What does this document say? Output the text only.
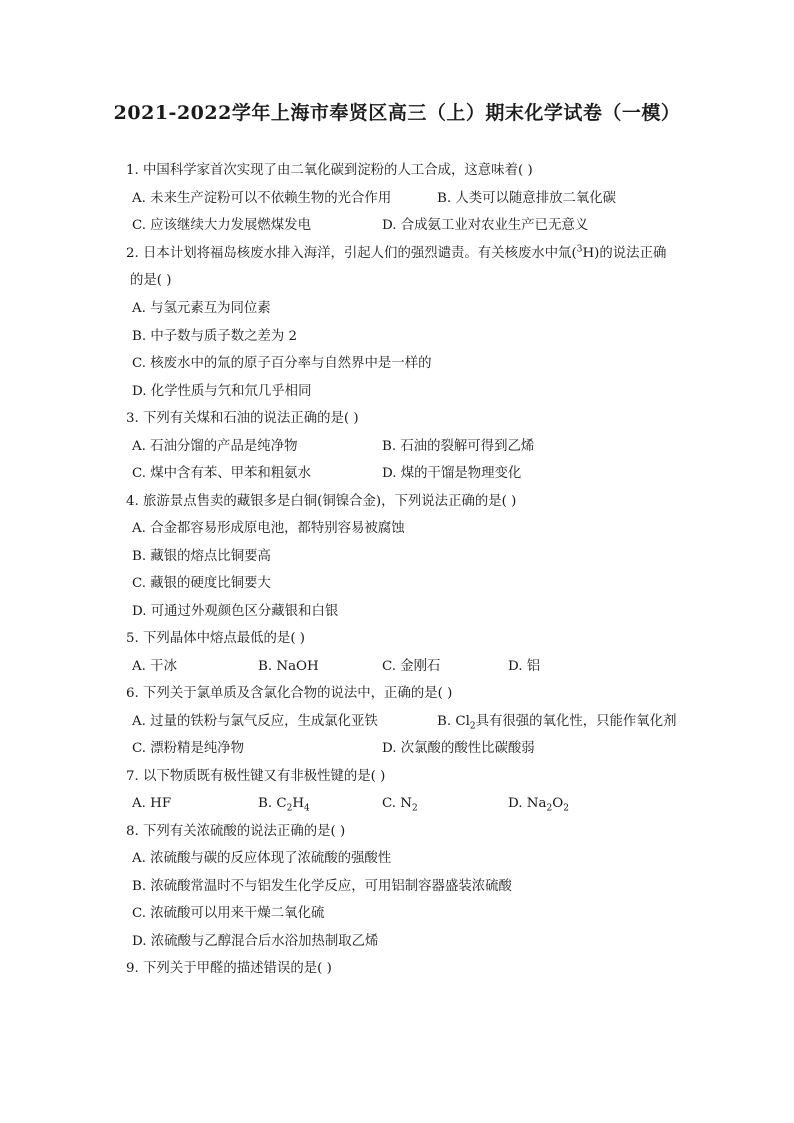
2021-2022学年上海市奉贤区高三（上）期末化学试卷（一模）
1. 中国科学家首次实现了由二氧化碳到淀粉的人工合成，这意味着( )
A. 未来生产淀粉可以不依赖生物的光合作用	B. 人类可以随意排放二氧化碳
C. 应该继续大力发展燃煤发电	D. 合成氨工业对农业生产已无意义
2. 日本计划将福岛核废水排入海洋，引起人们的强烈谴责。有关核废水中氚($^3$H)的说法正确
的是( )
A. 与氢元素互为同位素
B. 中子数与质子数之差为 2
C. 核废水中的氚的原子百分率与自然界中是一样的
D. 化学性质与氕和氘几乎相同
3. 下列有关煤和石油的说法正确的是( )
A. 石油分馏的产品是纯净物	B. 石油的裂解可得到乙烯
C. 煤中含有苯、甲苯和粗氨水	D. 煤的干馏是物理变化
4. 旅游景点售卖的藏银多是白铜(铜镍合金)，下列说法正确的是( )
A. 合金都容易形成原电池，都特别容易被腐蚀
B. 藏银的熔点比铜要高
C. 藏银的硬度比铜要大
D. 可通过外观颜色区分藏银和白银
5. 下列晶体中熔点最低的是( )
A. 干冰	B. NaOH	C. 金刚石	D. 铝
6. 下列关于氯单质及含氯化合物的说法中，正确的是( )
A. 过量的铁粉与氯气反应，生成氯化亚铁	B. $Cl_2$具有很强的氧化性，只能作氧化剂
C. 漂粉精是纯净物	D. 次氯酸的酸性比碳酸弱
7. 以下物质既有极性键又有非极性键的是( )
A. HF	B. $C_2H_4$	C. $N_2$	D. $Na_2O_2$
8. 下列有关浓硫酸的说法正确的是( )
A. 浓硫酸与碳的反应体现了浓硫酸的强酸性
B. 浓硫酸常温时不与铝发生化学反应，可用铝制容器盛装浓硫酸
C. 浓硫酸可以用来干燥二氧化硫
D. 浓硫酸与乙醇混合后水浴加热制取乙烯
9. 下列关于甲醛的描述错误的是( )
